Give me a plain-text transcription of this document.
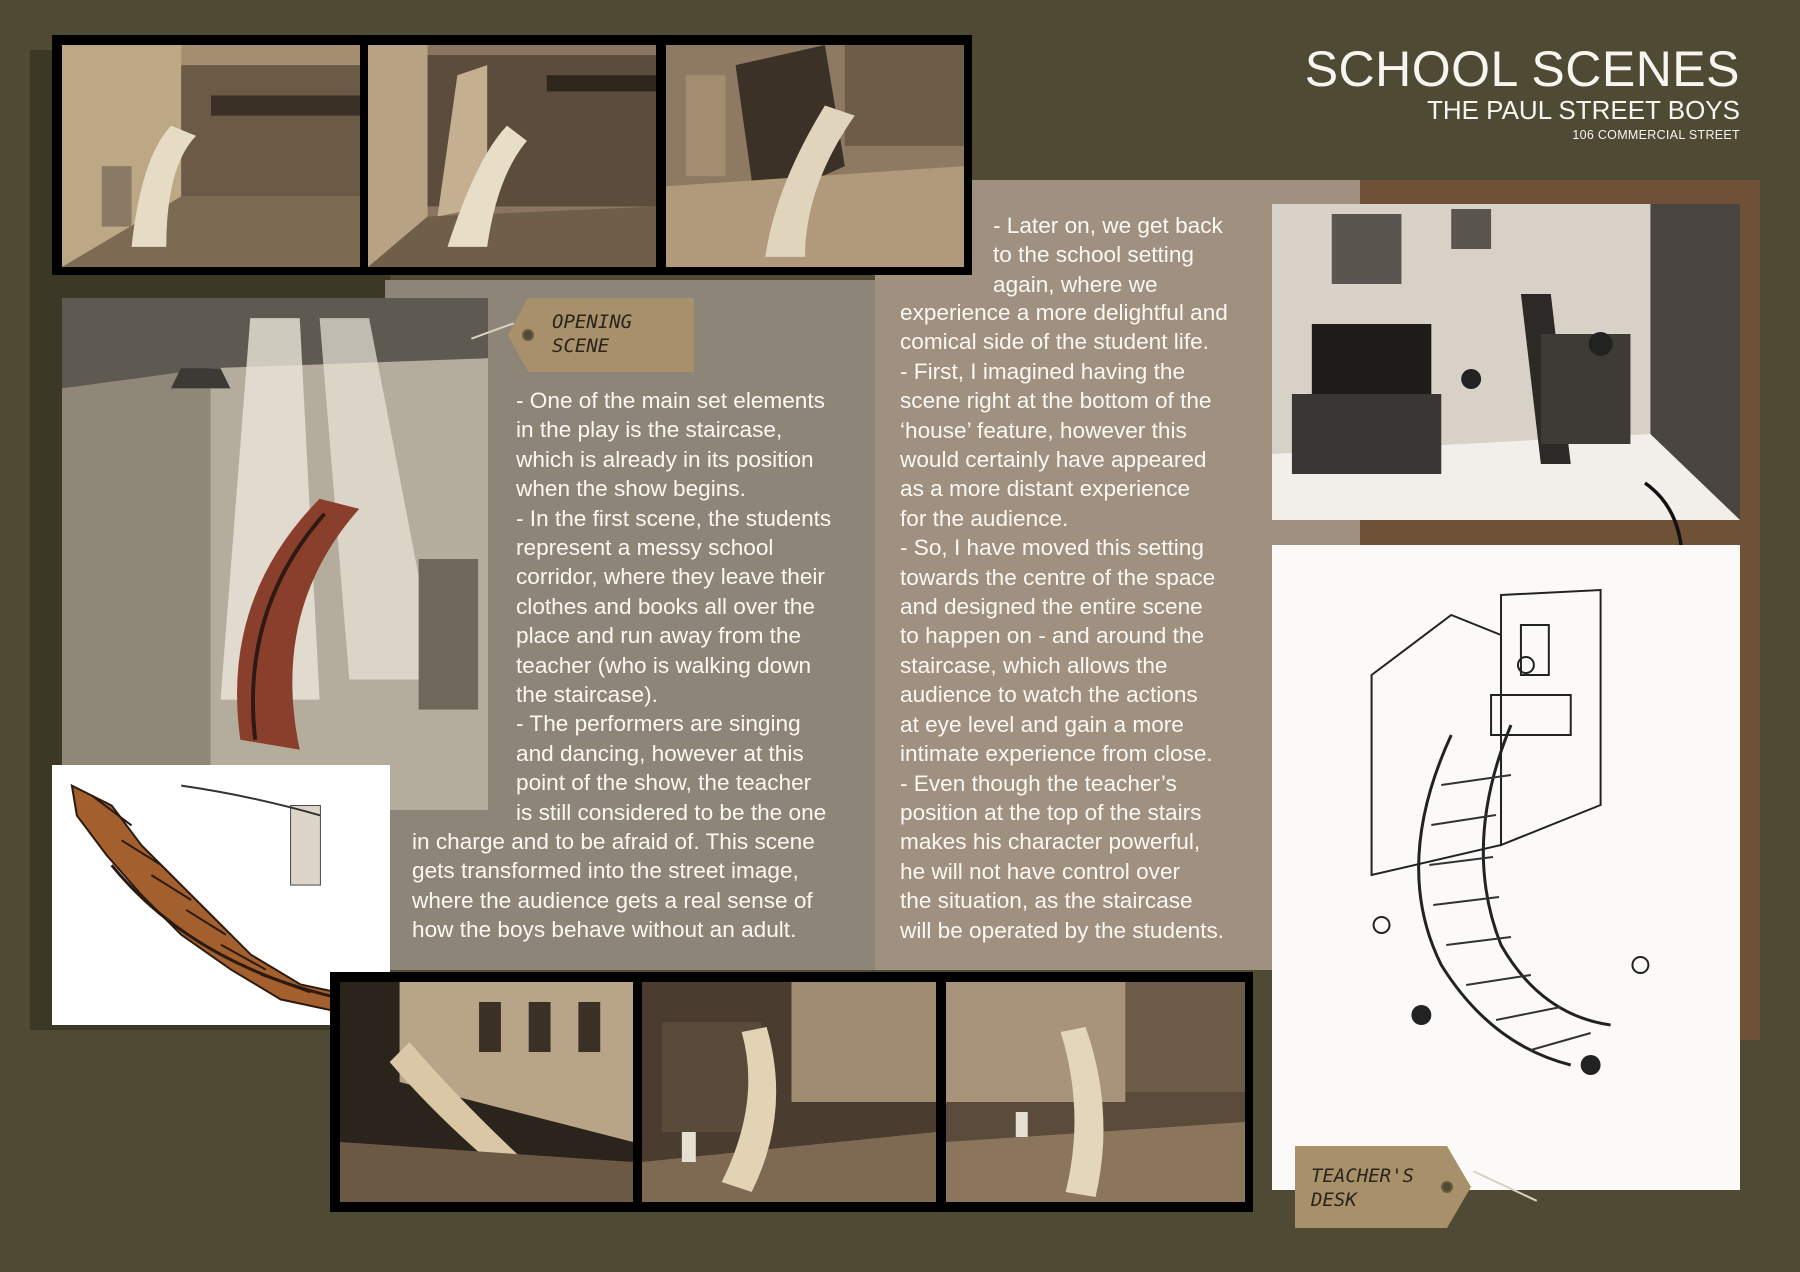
SCHOOL SCENES
THE PAUL STREET BOYS
106 COMMERCIAL STREET
OPENING
SCENE
- One of the main set elements
in the play is the staircase,
which is already in its position
when the show begins.
- In the first scene, the students
represent a messy school
corridor, where they leave their
clothes and books all over the
place and run away from the
teacher (who is walking down
the staircase).
- The performers are singing
and dancing, however at this
point of the show, the teacher
is still considered to be the one
in charge and to be afraid of. This scene
gets transformed into the street image,
where the audience gets a real sense of
how the boys behave without an adult.
- Later on, we get back
to the school setting
again, where we
experience a more delightful and
comical side of the student life.
- First, I imagined having the
scene right at the bottom of the
‘house’ feature, however this
would certainly have appeared
as a more distant experience
for the audience.
- So, I have moved this setting
towards the centre of the space
and designed the entire scene
to happen on - and around the
staircase, which allows the
audience to watch the actions
at eye level and gain a more
intimate experience from close.
- Even though the teacher’s
position at the top of the stairs
makes his character powerful,
he will not have control over
the situation, as the staircase
will be operated by the students.
TEACHER'S
DESK
